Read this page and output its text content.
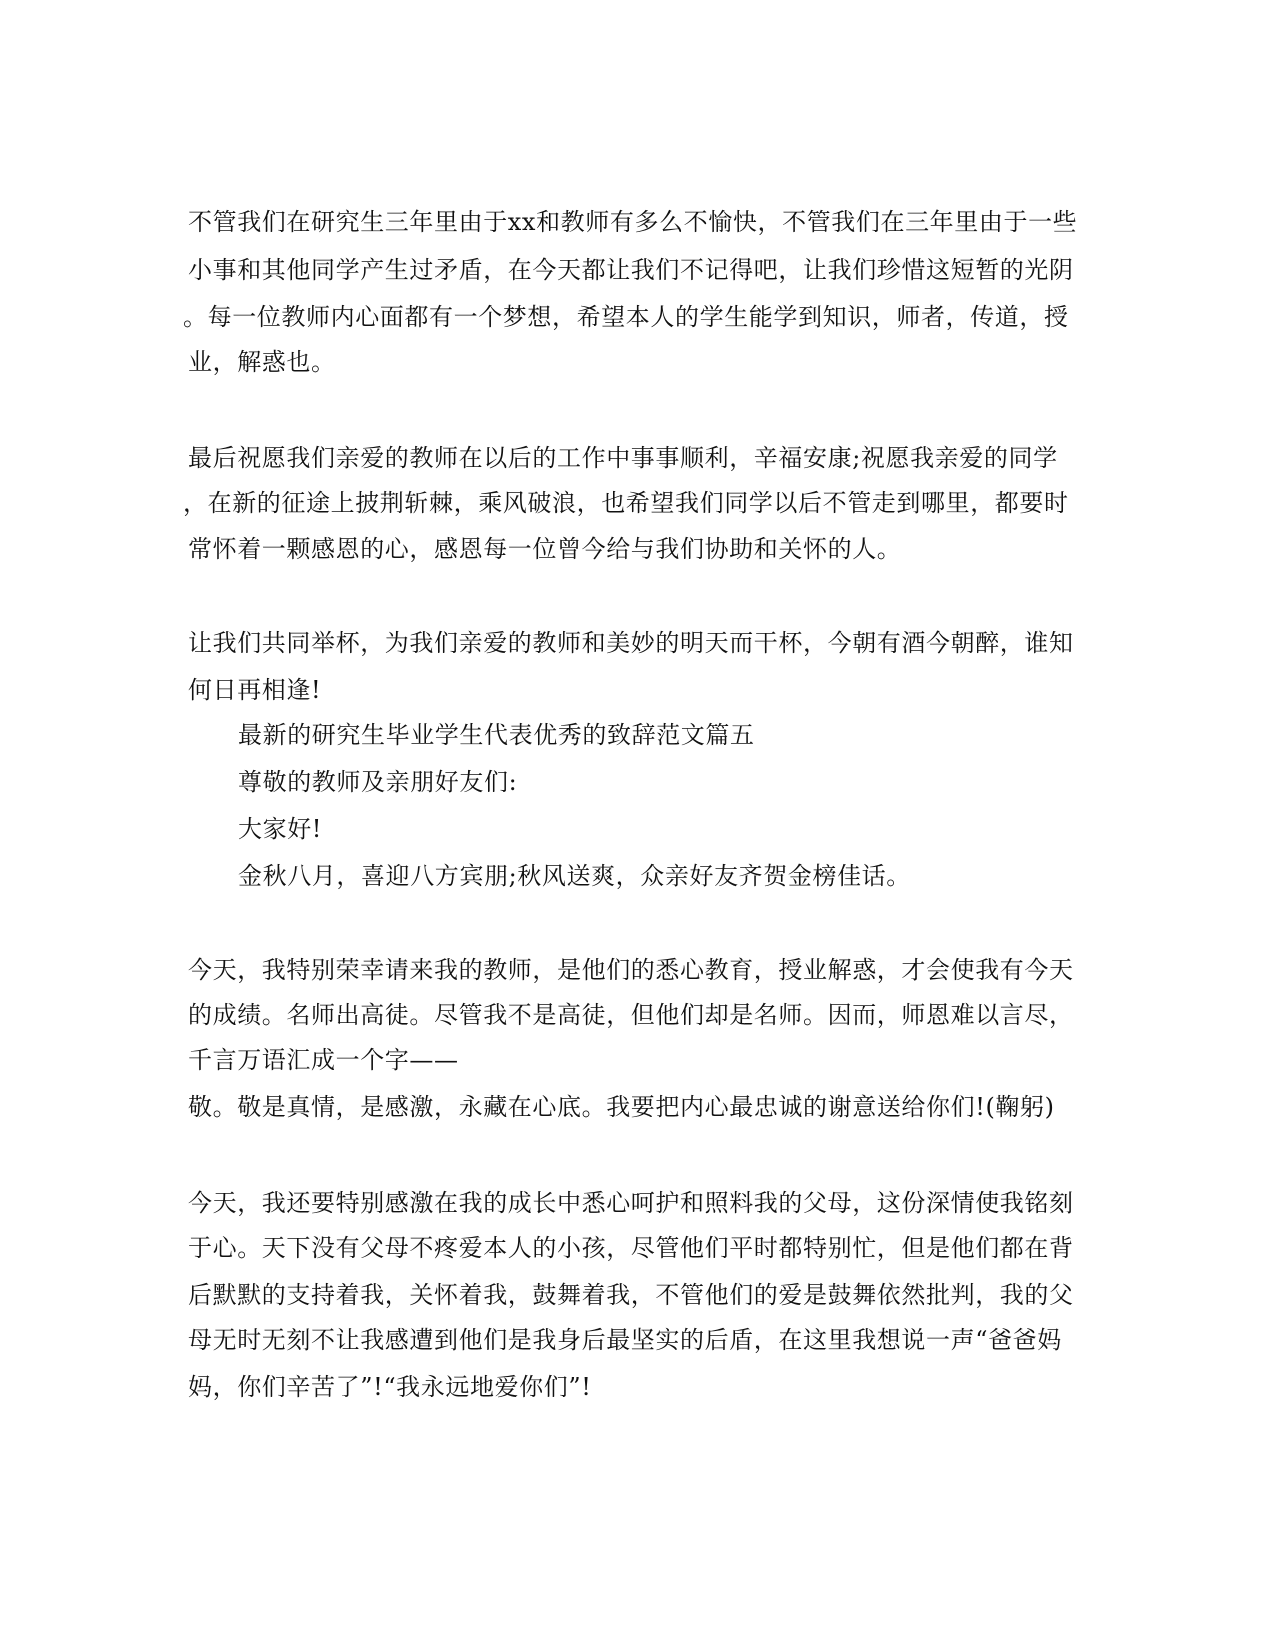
不管我们在研究生三年里由于xx和教师有多么不愉快，不管我们在三年里由于一些
小事和其他同学产生过矛盾，在今天都让我们不记得吧，让我们珍惜这短暂的光阴
。每一位教师内心面都有一个梦想，希望本人的学生能学到知识，师者，传道，授
业，解惑也。
最后祝愿我们亲爱的教师在以后的工作中事事顺利，辛福安康;祝愿我亲爱的同学
，在新的征途上披荆斩棘，乘风破浪，也希望我们同学以后不管走到哪里，都要时
常怀着一颗感恩的心，感恩每一位曾今给与我们协助和关怀的人。
让我们共同举杯，为我们亲爱的教师和美妙的明天而干杯，今朝有酒今朝醉，谁知
何日再相逢!
最新的研究生毕业学生代表优秀的致辞范文篇五
尊敬的教师及亲朋好友们:
大家好!
金秋八月，喜迎八方宾朋;秋风送爽，众亲好友齐贺金榜佳话。
今天，我特别荣幸请来我的教师，是他们的悉心教育，授业解惑，才会使我有今天
的成绩。名师出高徒。尽管我不是高徒，但他们却是名师。因而，师恩难以言尽，
千言万语汇成一个字——
敬。敬是真情，是感激，永藏在心底。我要把内心最忠诚的谢意送给你们!(鞠躬)
今天，我还要特别感激在我的成长中悉心呵护和照料我的父母，这份深情使我铭刻
于心。天下没有父母不疼爱本人的小孩，尽管他们平时都特别忙，但是他们都在背
后默默的支持着我，关怀着我，鼓舞着我，不管他们的爱是鼓舞依然批判，我的父
母无时无刻不让我感遭到他们是我身后最坚实的后盾，在这里我想说一声“爸爸妈
妈，你们辛苦了”!“我永远地爱你们”!
